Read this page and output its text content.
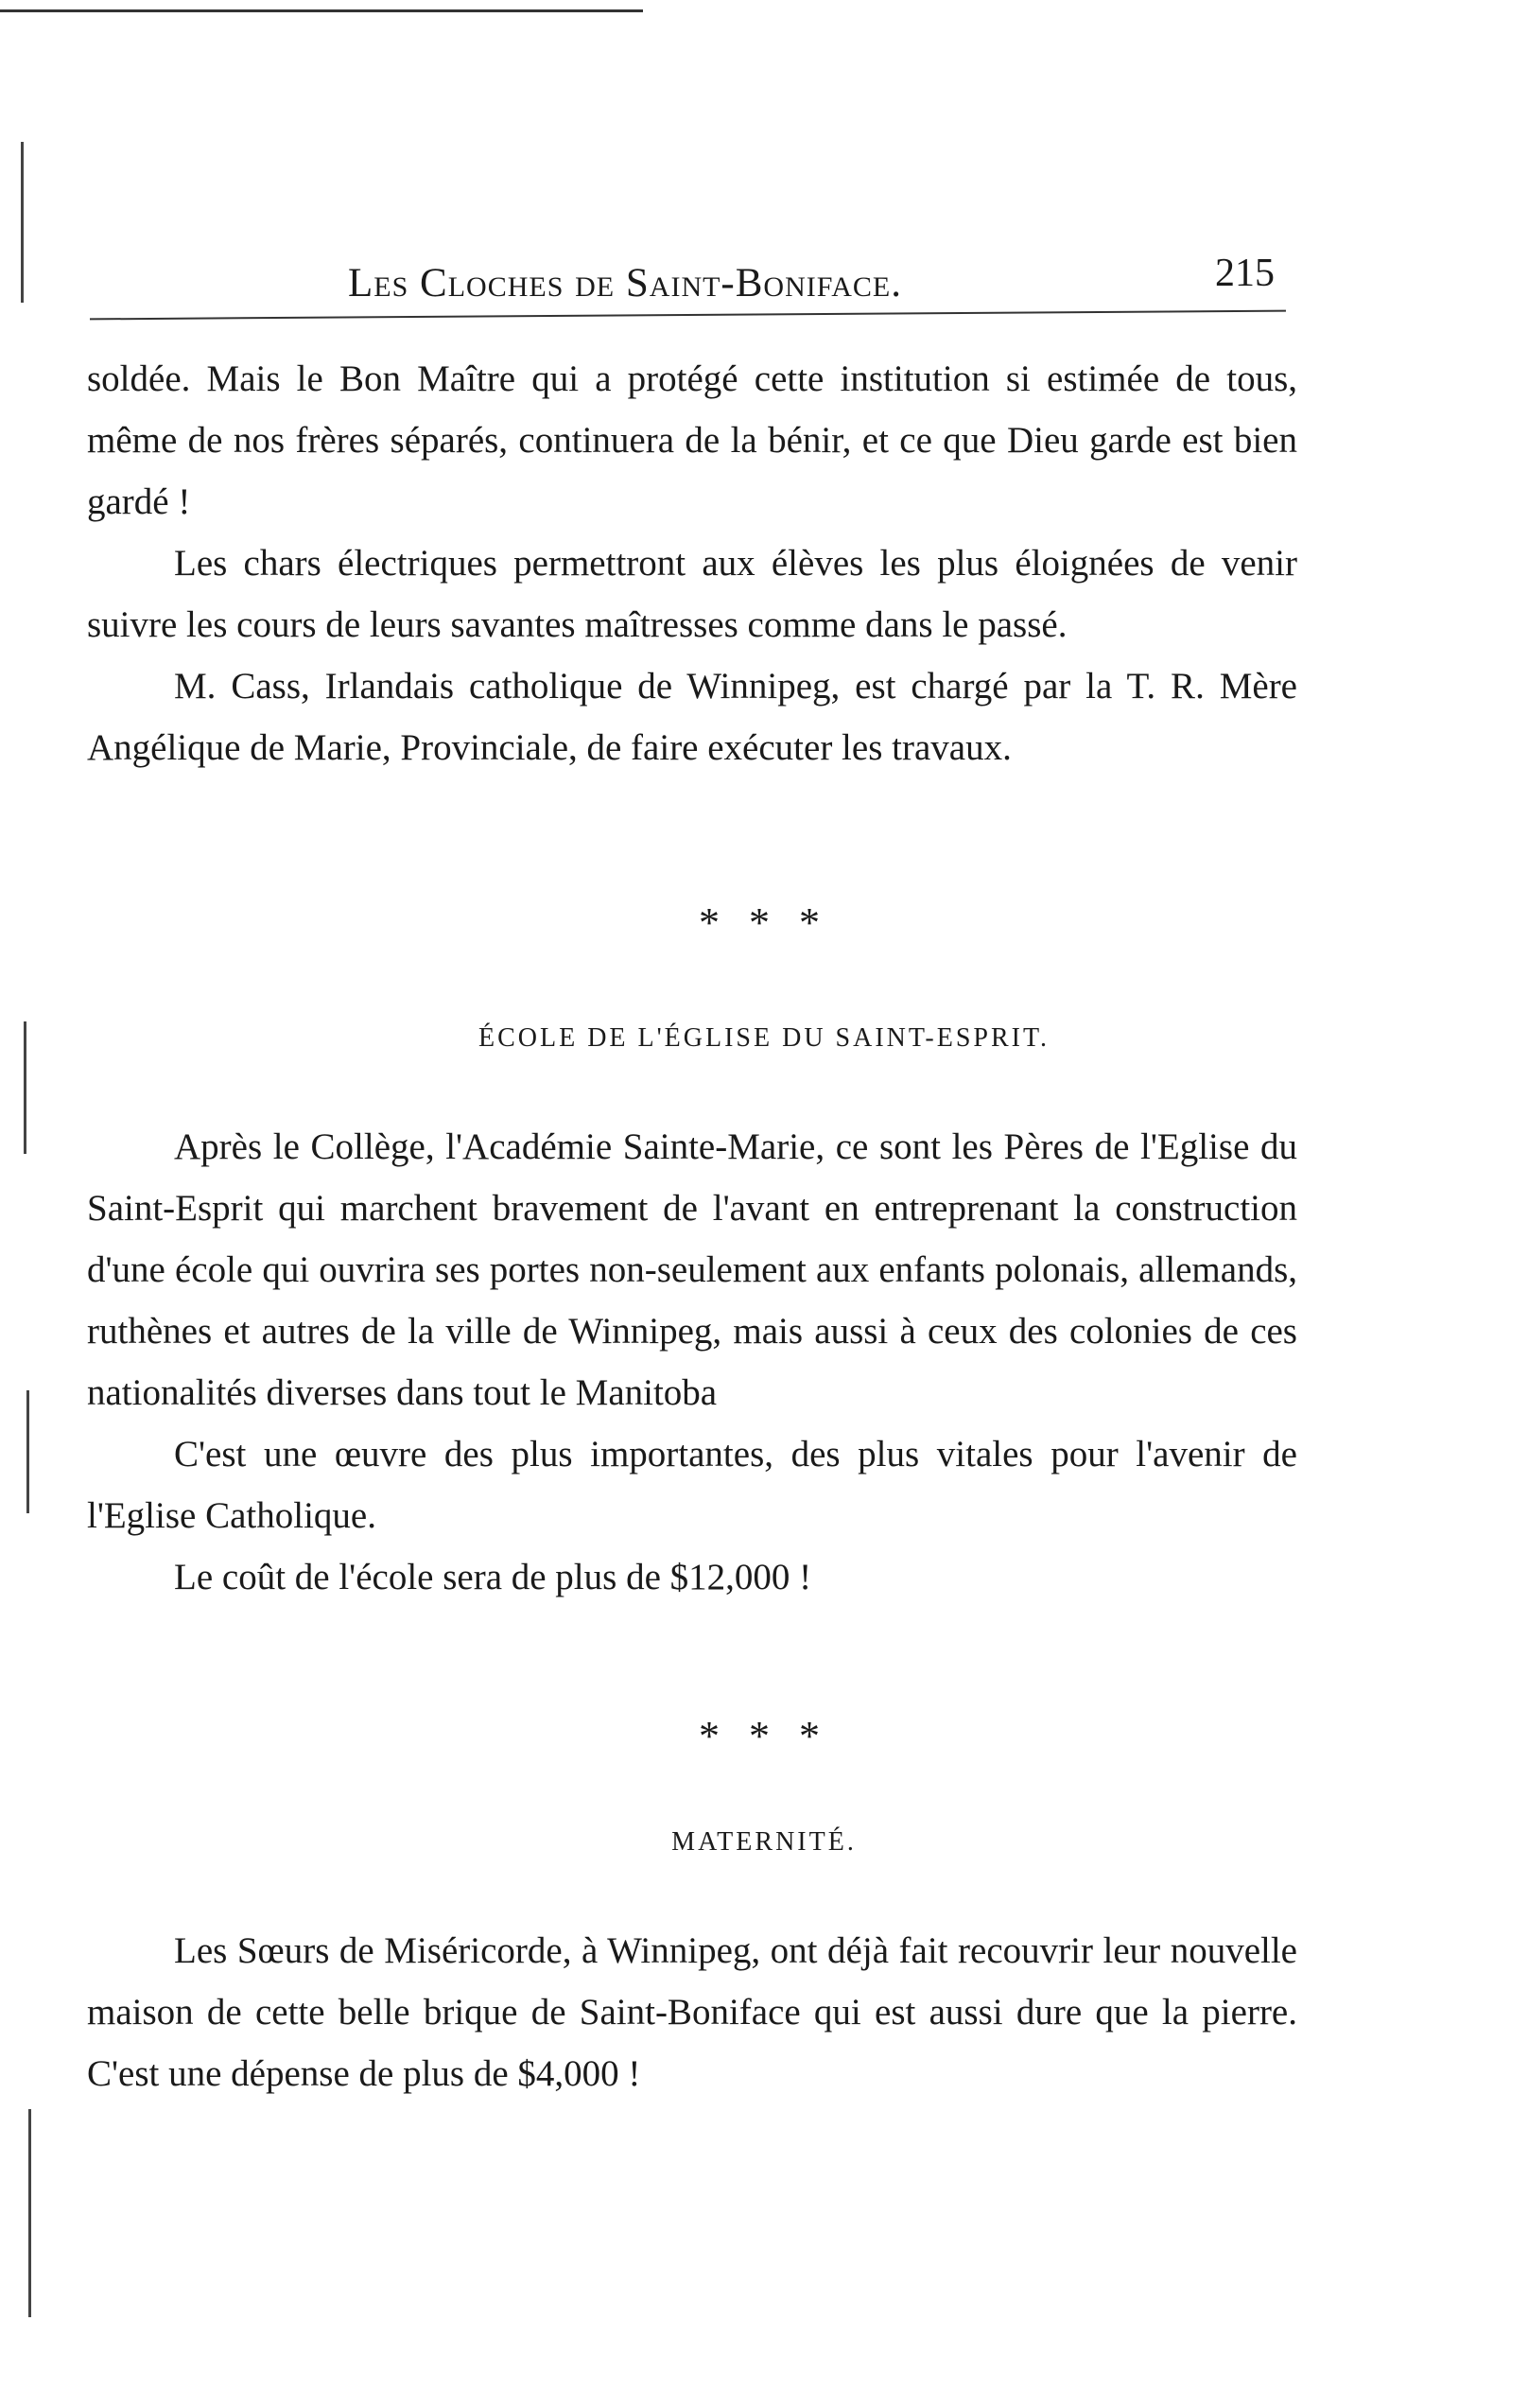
Les Cloches de Saint-Boniface.	215

soldée. Mais le Bon Maître qui a protégé cette institution si estimée de tous, même de nos frères séparés, continuera de la bénir, et ce que Dieu garde est bien gardé !

Les chars électriques permettront aux élèves les plus éloignées de venir suivre les cours de leurs savantes maîtresses comme dans le passé.

M. Cass, Irlandais catholique de Winnipeg, est chargé par la T. R. Mère Angélique de Marie, Provinciale, de faire exécuter les travaux.

* * *
ÉCOLE DE L'ÉGLISE DU SAINT-ESPRIT.

Après le Collège, l'Académie Sainte-Marie, ce sont les Pères de l'Eglise du Saint-Esprit qui marchent bravement de l'avant en entreprenant la construction d'une école qui ouvrira ses portes non-seulement aux enfants polonais, allemands, ruthènes et autres de la ville de Winnipeg, mais aussi à ceux des colonies de ces nationalités diverses dans tout le Manitoba

C'est une œuvre des plus importantes, des plus vitales pour l'avenir de l'Eglise Catholique.

Le coût de l'école sera de plus de $12,000 !

* * *
MATERNITÉ.

Les Sœurs de Miséricorde, à Winnipeg, ont déjà fait recouvrir leur nouvelle maison de cette belle brique de Saint-Boniface qui est aussi dure que la pierre. C'est une dépense de plus de $4,000 !
